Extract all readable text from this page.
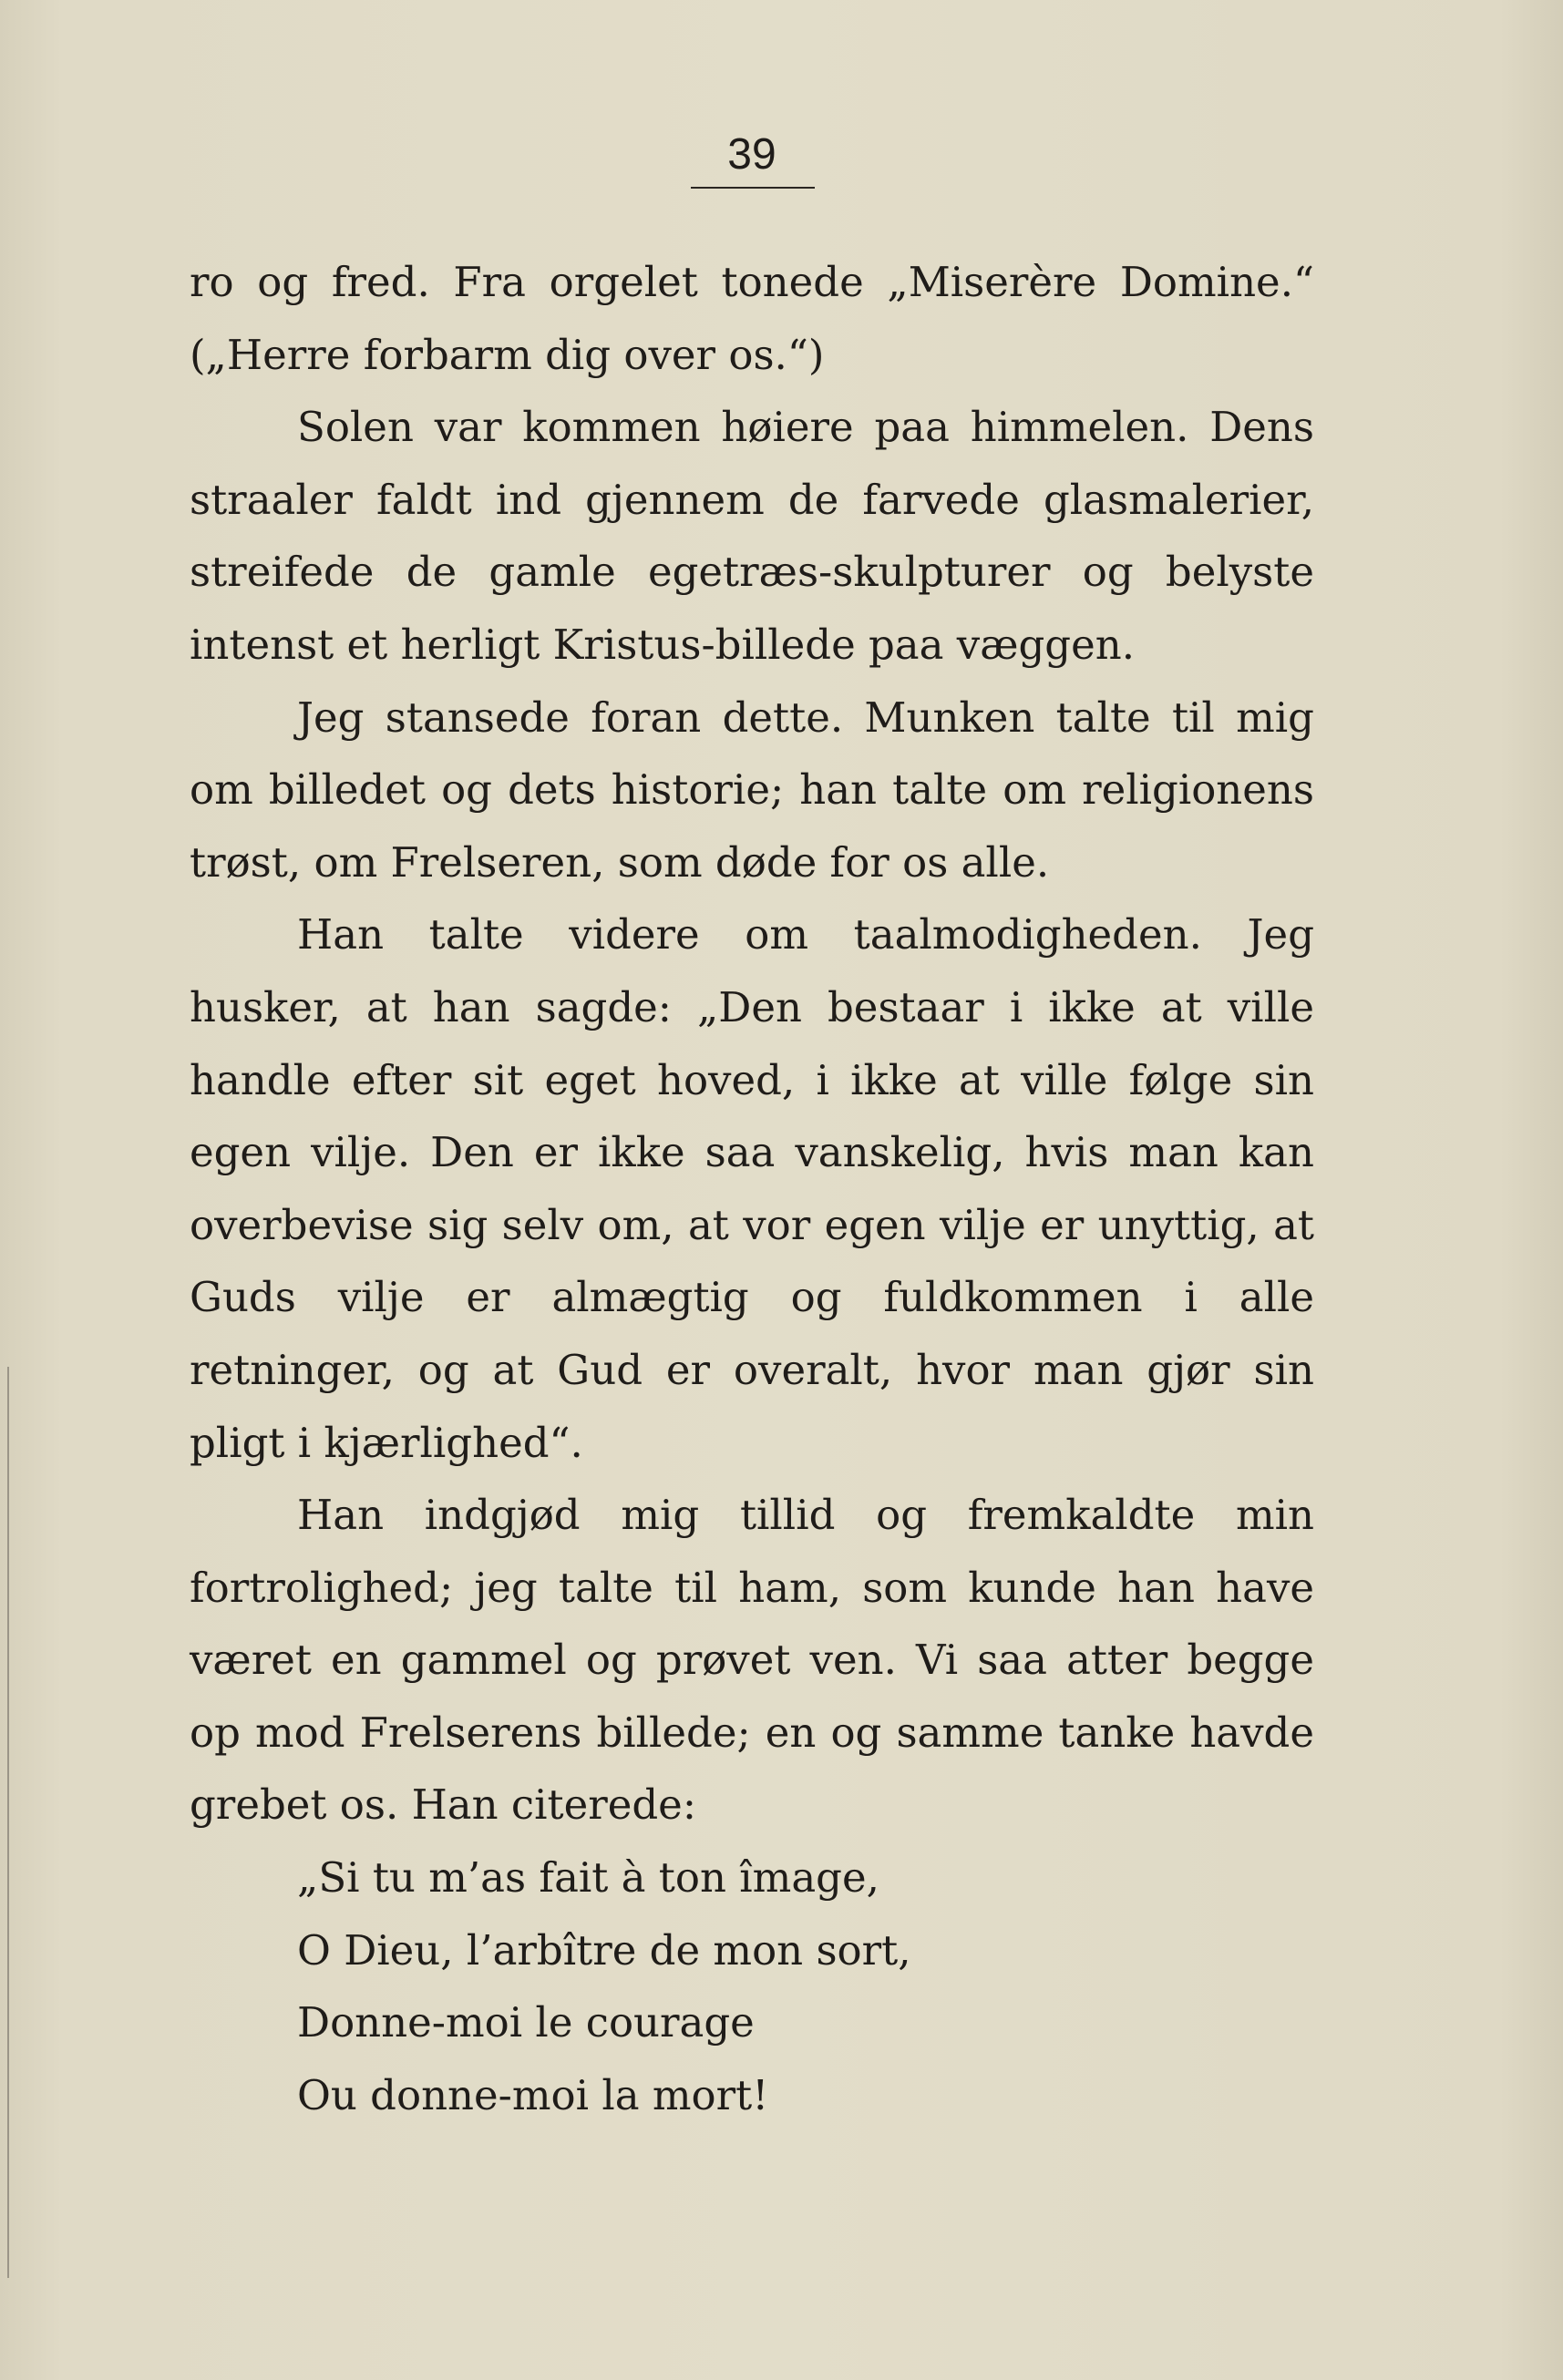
39

ro og fred. Fra orgelet tonede „Miserère Domine.“ („Herre forbarm dig over os.“)

Solen var kommen høiere paa himmelen. Dens straaler faldt ind gjennem de farvede glasmalerier, streifede de gamle egetræs-skulpturer og belyste intenst et herligt Kristus-billede paa væggen.

Jeg stansede foran dette. Munken talte til mig om billedet og dets historie; han talte om religionens trøst, om Frelseren, som døde for os alle.

Han talte videre om taalmodigheden. Jeg husker, at han sagde: „Den bestaar i ikke at ville handle efter sit eget hoved, i ikke at ville følge sin egen vilje. Den er ikke saa vanskelig, hvis man kan overbevise sig selv om, at vor egen vilje er unyttig, at Guds vilje er almægtig og fuldkommen i alle retninger, og at Gud er overalt, hvor man gjør sin pligt i kjærlighed“.

Han indgjød mig tillid og fremkaldte min fortrolighed; jeg talte til ham, som kunde han have været en gammel og prøvet ven. Vi saa atter begge op mod Frelserens billede; en og samme tanke havde grebet os. Han citerede:

„Si tu m’as fait à ton îmage,
O Dieu, l’arbître de mon sort,
Donne-moi le courage
Ou donne-moi la mort!
